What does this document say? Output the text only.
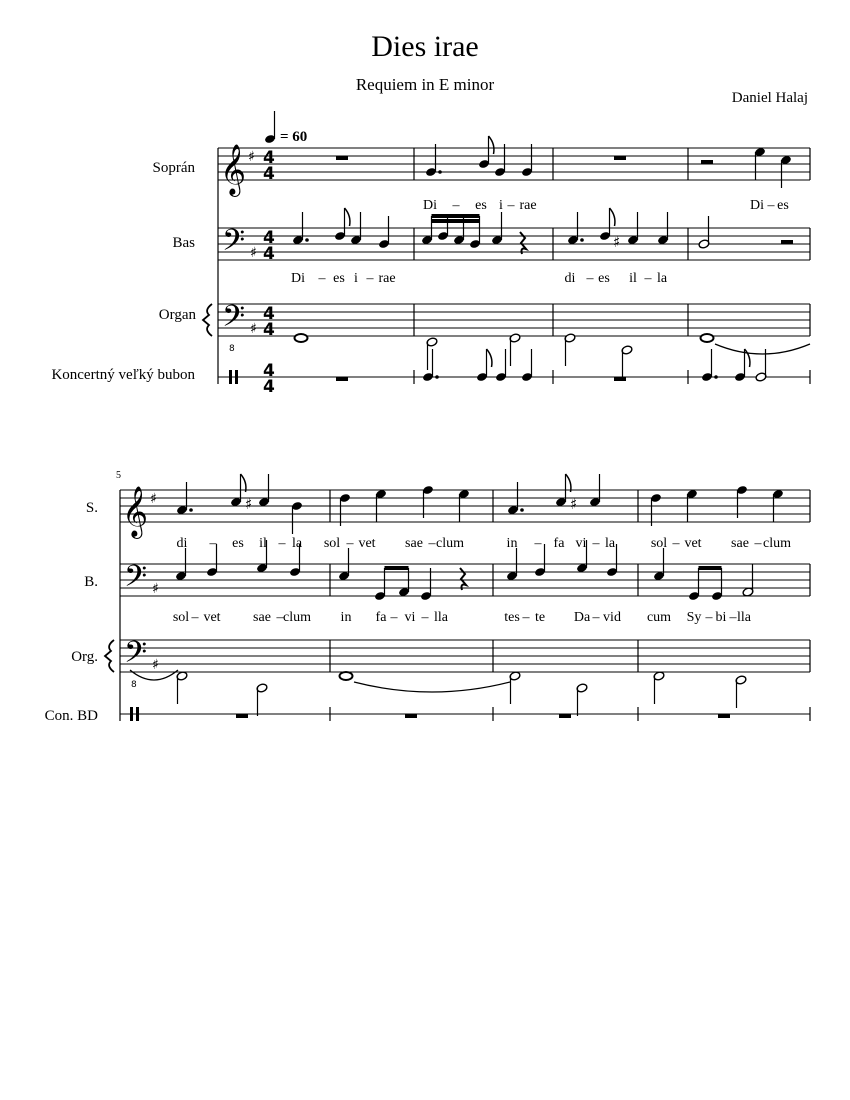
𝄞
𝄢
𝄢
8
♯
♯
♯
4
4
4
4
4
4
4
4
♯
𝄞
𝄢
𝄢
8
♯
♯
♯
♯	♯
Dies irae
Requiem in E minor
Daniel Halaj
= 60
Soprán
Bas
Organ
Koncertný veľký bubon
5
S.
B.
Org.
Con. BD
Di – es i – rae	Di – es
Di – es i – rae	di – es il – la
di – es il – la sol – vet sae – clum	in – fa vi – la	sol – vet sae – clum
sol – vet sae – clum in fa – vi – lla	tes – te Da – vid cum Sy – bi – lla
